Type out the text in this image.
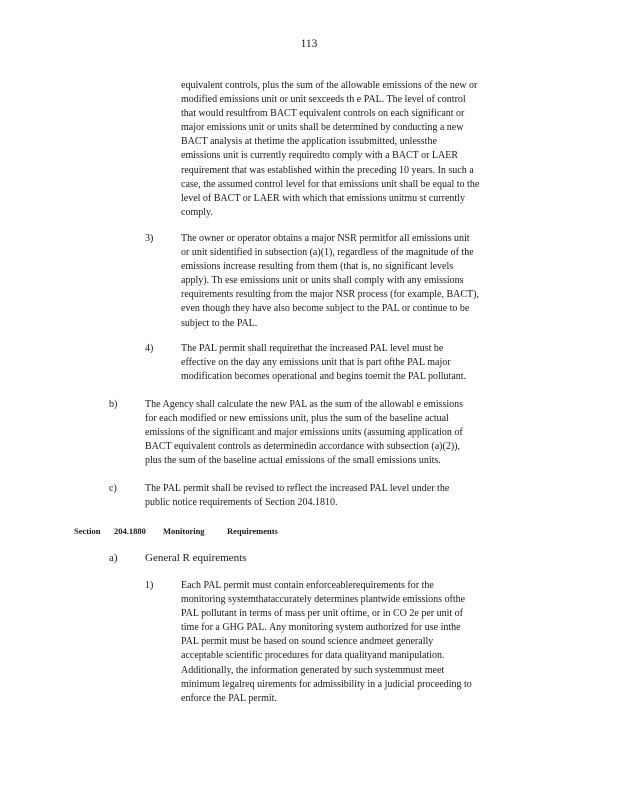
113
equivalent controls, plus the sum of the allowable emissions of the new or
modified emissions unit or unit sexceeds th e PAL. The level of control
that would resultfrom BACT equivalent controls on each significant or
major emissions unit or units shall be determined by conducting a new
BACT analysis at thetime the application issubmitted, unlessthe
emissions unit is currently requiredto comply with a BACT or LAER
requirement that was established within the preceding 10 years. In such a
case, the assumed control level for that emissions unit shall be equal to the
level of BACT or LAER with which that emissions unitmu st currently
comply.
3)	The owner or operator obtains a major NSR permitfor all emissions unit
or unit sidentified in subsection (a)(1), regardless of the magnitude of the
emissions increase resulting from them (that is, no significant levels
apply). Th ese emissions unit or units shall comply with any emissions
requirements resulting from the major NSR process (for example, BACT),
even though they have also become subject to the PAL or continue to be
subject to the PAL.
4)	The PAL permit shall requirethat the increased PAL level must be
effective on the day any emissions unit that is part ofthe PAL major
modification becomes operational and begins toemit the PAL pollutant.
b)	The Agency shall calculate the new PAL as the sum of the allowabl e emissions
for each modified or new emissions unit, plus the sum of the baseline actual
emissions of the significant and major emissions units (assuming application of
BACT equivalent controls as determinedin accordance with subsection (a)(2)),
plus the sum of the baseline actual emissions of the small emissions units.
c)	The PAL permit shall be revised to reflect the increased PAL level under the
public notice requirements of Section 204.1810.
Section 204.1880 Monitoring	Requirements
a) General R equirements
1)	Each PAL permit must contain enforceablerequirements for the
monitoring systemthataccurately determines plantwide emissions ofthe
PAL pollutant in terms of mass per unit oftime, or in CO 2e per unit of
time for a GHG PAL. Any monitoring system authorized for use inthe
PAL permit must be based on sound science andmeet generally
acceptable scientific procedures for data qualityand manipulation.
Additionally, the information generated by such systemmust meet
minimum legalreq uirements for admissibility in a judicial proceeding to
enforce the PAL permit.
